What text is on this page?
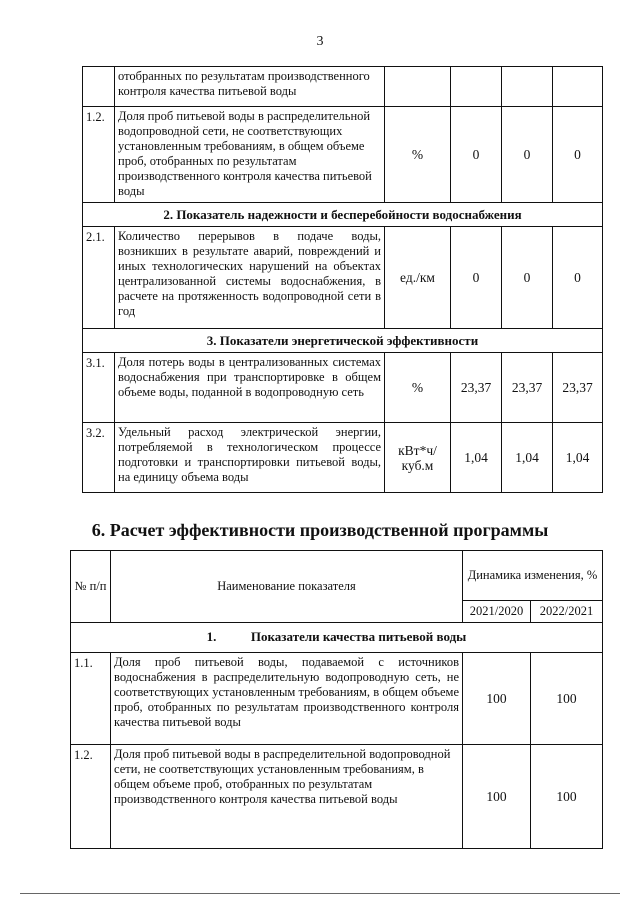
3
	отобранных по результатам производственного контроля качества питьевой воды				
1.2.	Доля проб питьевой воды в распределительной водопроводной сети, не соответствующих установленным требованиям, в общем объеме проб, отобранных по результатам производственного контроля качества питьевой воды	%	0	0	0
2. Показатель надежности и бесперебойности водоснабжения					
2.1.	Количество перерывов в подаче воды, возникших в результате аварий, повреждений и иных технологических нарушений на объектах централизованной системы водоснабжения, в расчете на протяженность водопроводной сети в год	ед./км	0	0	0
3. Показатели энергетической эффективности					
3.1.	Доля потерь воды в централизованных системах водоснабжения при транспортировке в общем объеме воды, поданной в водопроводную сеть	%	23,37	23,37	23,37
3.2.	Удельный расход электрической энергии, потребляемой в технологическом процессе подготовки и транспортировки питьевой воды, на единицу объема воды	кВт*ч/ куб.м	1,04	1,04	1,04
6. Расчет эффективности производственной программы
№ п/п	Наименование показателя	Динамика изменения, %	
		2021/2020	2022/2021
1. Показатели качества питьевой воды			
1.1.	Доля проб питьевой воды, подаваемой с источников водоснабжения в распределительную водопроводную сеть, не соответствующих установленным требованиям, в общем объеме проб, отобранных по результатам производственного контроля качества питьевой воды	100	100
1.2.	Доля проб питьевой воды в распределительной водопроводной сети, не соответствующих установленным требованиям, в общем объеме проб, отобранных по результатам производственного контроля качества питьевой воды	100	100
